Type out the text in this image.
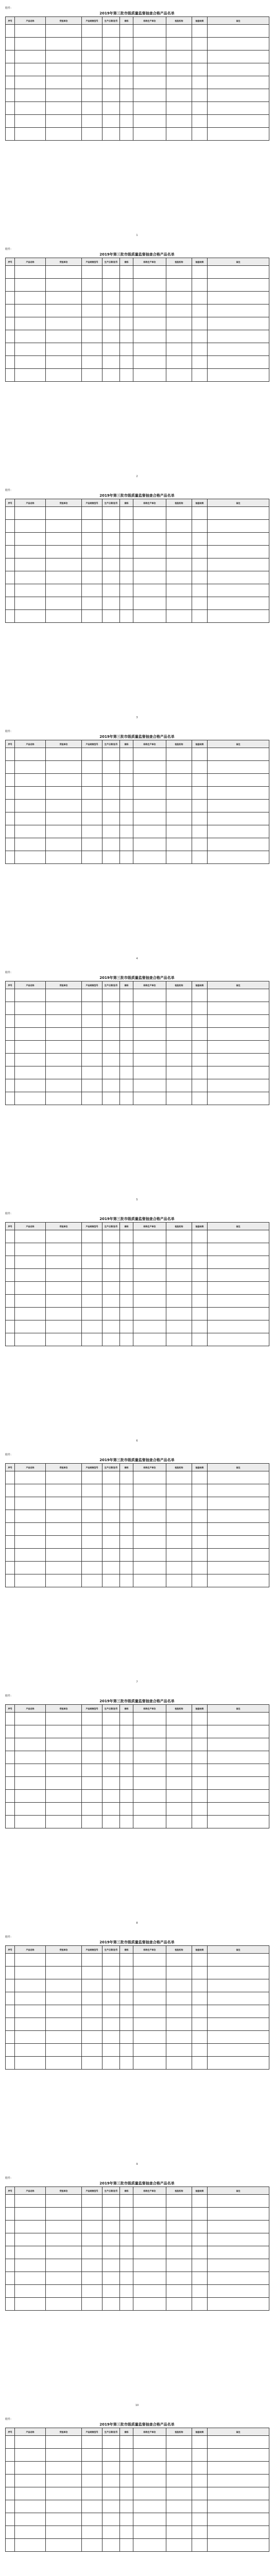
附件：
2019年第三批市级质量监督抽查合格产品名单
序号	产品名称	受检单位	产品规格型号	生产日期/批号	商标	标称生产单位	检验机构	抽查结果	备注

1
附件：
2019年第三批市级质量监督抽查合格产品名单
序号	产品名称	受检单位	产品规格型号	生产日期/批号	商标	标称生产单位	检验机构	抽查结果	备注

2
附件：
2019年第三批市级质量监督抽查合格产品名单
序号	产品名称	受检单位	产品规格型号	生产日期/批号	商标	标称生产单位	检验机构	抽查结果	备注

3
附件：
2019年第三批市级质量监督抽查合格产品名单
序号	产品名称	受检单位	产品规格型号	生产日期/批号	商标	标称生产单位	检验机构	抽查结果	备注

4
附件：
2019年第三批市级质量监督抽查合格产品名单
序号	产品名称	受检单位	产品规格型号	生产日期/批号	商标	标称生产单位	检验机构	抽查结果	备注

5
附件：
2019年第三批市级质量监督抽查合格产品名单
序号	产品名称	受检单位	产品规格型号	生产日期/批号	商标	标称生产单位	检验机构	抽查结果	备注

6
附件：
2019年第三批市级质量监督抽查合格产品名单
序号	产品名称	受检单位	产品规格型号	生产日期/批号	商标	标称生产单位	检验机构	抽查结果	备注

7
附件：
2019年第三批市级质量监督抽查合格产品名单
序号	产品名称	受检单位	产品规格型号	生产日期/批号	商标	标称生产单位	检验机构	抽查结果	备注

8
附件：
2019年第三批市级质量监督抽查合格产品名单
序号	产品名称	受检单位	产品规格型号	生产日期/批号	商标	标称生产单位	检验机构	抽查结果	备注

9
附件：
2019年第三批市级质量监督抽查合格产品名单
序号	产品名称	受检单位	产品规格型号	生产日期/批号	商标	标称生产单位	检验机构	抽查结果	备注

10
附件：
2019年第三批市级质量监督抽查合格产品名单
序号	产品名称	受检单位	产品规格型号	生产日期/批号	商标	标称生产单位	检验机构	抽查结果	备注
